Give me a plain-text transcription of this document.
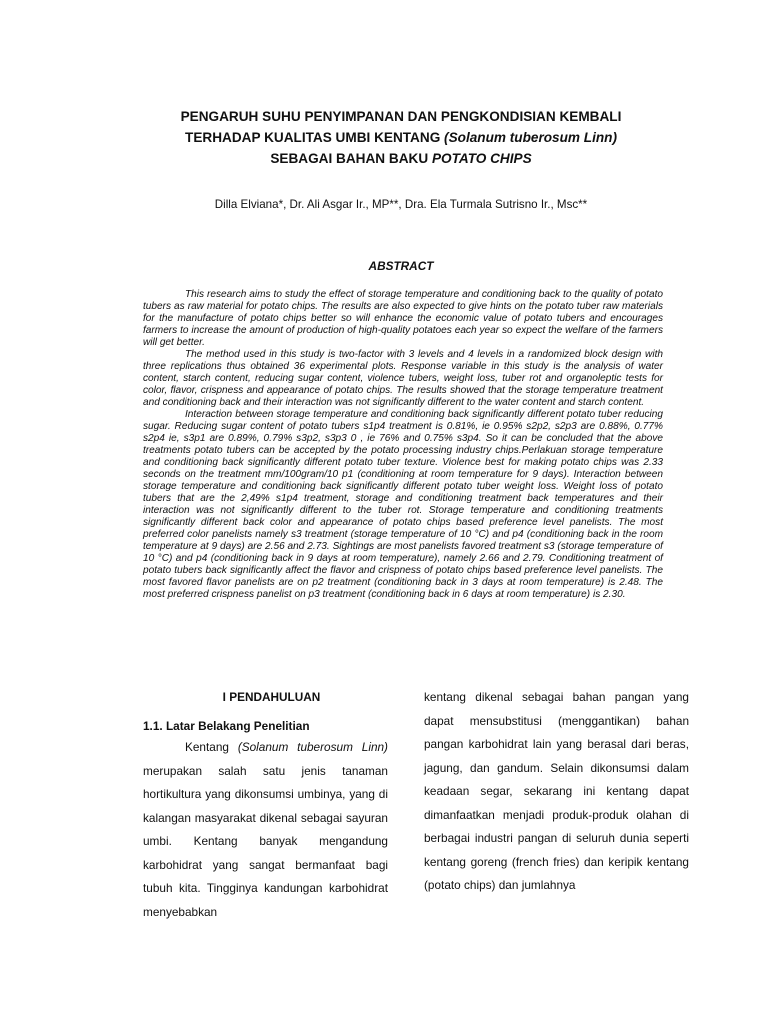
PENGARUH SUHU PENYIMPANAN DAN PENGKONDISIAN KEMBALI
TERHADAP KUALITAS UMBI KENTANG (Solanum tuberosum Linn)
SEBAGAI BAHAN BAKU POTATO CHIPS
Dilla Elviana*, Dr. Ali Asgar Ir., MP**, Dra. Ela Turmala Sutrisno Ir., Msc**
ABSTRACT

This research aims to study the effect of storage temperature and conditioning back to the quality of potato tubers as raw material for potato chips. The results are also expected to give hints on the potato tuber raw materials for the manufacture of potato chips better so will enhance the economic value of potato tubers and encourages farmers to increase the amount of production of high-quality potatoes each year so expect the welfare of the farmers will get better.

The method used in this study is two-factor with 3 levels and 4 levels in a randomized block design with three replications thus obtained 36 experimental plots. Response variable in this study is the analysis of water content, starch content, reducing sugar content, violence tubers, weight loss, tuber rot and organoleptic tests for color, flavor, crispness and appearance of potato chips. The results showed that the storage temperature treatment and conditioning back and their interaction was not significantly different to the water content and starch content.

Interaction between storage temperature and conditioning back significantly different potato tuber reducing sugar. Reducing sugar content of potato tubers s1p4 treatment is 0.81%, ie 0.95% s2p2, s2p3 are 0.88%, 0.77% s2p4 ie, s3p1 are 0.89%, 0.79% s3p2, s3p3 0 , ie 76% and 0.75% s3p4. So it can be concluded that the above treatments potato tubers can be accepted by the potato processing industry chips.Perlakuan storage temperature and conditioning back significantly different potato tuber texture. Violence best for making potato chips was 2.33 seconds on the treatment mm/100gram/10 p1 (conditioning at room temperature for 9 days). Interaction between storage temperature and conditioning back significantly different potato tuber weight loss. Weight loss of potato tubers that are the 2,49% s1p4 treatment, storage and conditioning treatment back temperatures and their interaction was not significantly different to the tuber rot. Storage temperature and conditioning treatments significantly different back color and appearance of potato chips based preference level panelists. The most preferred color panelists namely s3 treatment (storage temperature of 10 °C) and p4 (conditioning back in the room temperature at 9 days) are 2.56 and 2.73. Sightings are most panelists favored treatment s3 (storage temperature of 10 °C) and p4 (conditioning back in 9 days at room temperature), namely 2.66 and 2.79. Conditioning treatment of potato tubers back significantly affect the flavor and crispness of potato chips based preference level panelists. The most favored flavor panelists are on p2 treatment (conditioning back in 3 days at room temperature) is 2.48. The most preferred crispness panelist on p3 treatment (conditioning back in 6 days at room temperature) is 2.30.

I PENDAHULUAN
1.1. Latar Belakang Penelitian

Kentang (Solanum tuberosum Linn) merupakan salah satu jenis tanaman hortikultura yang dikonsumsi umbinya, yang di kalangan masyarakat dikenal sebagai sayuran umbi. Kentang banyak mengandung karbohidrat yang sangat bermanfaat bagi tubuh kita. Tingginya kandungan karbohidrat menyebabkan

kentang dikenal sebagai bahan pangan yang dapat mensubstitusi (menggantikan) bahan pangan karbohidrat lain yang berasal dari beras, jagung, dan gandum. Selain dikonsumsi dalam keadaan segar, sekarang ini kentang dapat dimanfaatkan menjadi produk-produk olahan di berbagai industri pangan di seluruh dunia seperti kentang goreng (french fries) dan keripik kentang (potato chips) dan jumlahnya
